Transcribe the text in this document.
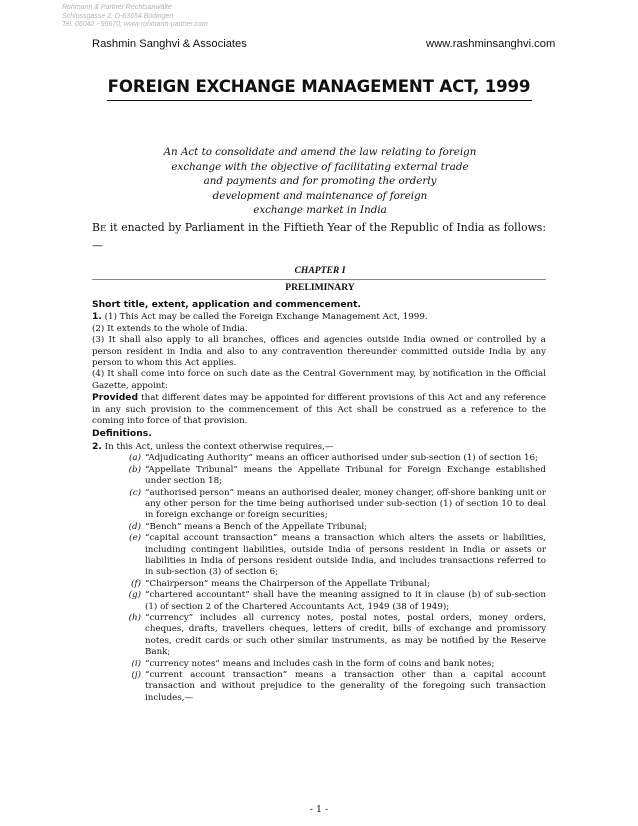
Rohmann & Partner Rechtsanwälte
Schlossgasse 2, D-63654 Büdingen
Tel. 06042 - 95670; www.rohmann-partner.com
Rashmin Sanghvi & Associates	www.rashminsanghvi.com
FOREIGN EXCHANGE MANAGEMENT ACT, 1999
An Act to consolidate and amend the law relating to foreign
exchange with the objective of facilitating external trade
and payments and for promoting the orderly
development and maintenance of foreign
exchange market in India
BE it enacted by Parliament in the Fiftieth Year of the Republic of India as follows:—
CHAPTER I
PRELIMINARY
Short title, extent, application and commencement.

1. (1) This Act may be called the Foreign Exchange Management Act, 1999.

(2) It extends to the whole of India.

(3) It shall also apply to all branches, offices and agencies outside India owned or controlled by a person resident in India and also to any contravention thereunder committed outside India by any person to whom this Act applies.

(4) It shall come into force on such date as the Central Government may, by notification in the Official Gazette, appoint:

Provided that different dates may be appointed for different provisions of this Act and any reference in any such provision to the commencement of this Act shall be construed as a reference to the coming into force of that provision.

Definitions.

2. In this Act, unless the context otherwise requires,—

(a) “Adjudicating Authority” means an officer authorised under sub-section (1) of section 16;
(b) “Appellate Tribunal” means the Appellate Tribunal for Foreign Exchange established under section 18;
(c) “authorised person” means an authorised dealer, money changer, off-shore banking unit or any other person for the time being authorised under sub-section (1) of section 10 to deal in foreign exchange or foreign securities;
(d) “Bench” means a Bench of the Appellate Tribunal;
(e) “capital account transaction” means a transaction which alters the assets or liabilities, including contingent liabilities, outside India of persons resident in India or assets or liabilities in India of persons resident outside India, and includes transactions referred to in sub-section (3) of section 6;
(f) “Chairperson” means the Chairperson of the Appellate Tribunal;
(g) “chartered accountant” shall have the meaning assigned to it in clause (b) of sub-section (1) of section 2 of the Chartered Accountants Act, 1949 (38 of 1949);
(h) “currency” includes all currency notes, postal notes, postal orders, money orders, cheques, drafts, travellers cheques, letters of credit, bills of exchange and promissory notes, credit cards or such other similar instruments, as may be notified by the Reserve Bank;
(i) “currency notes” means and includes cash in the form of coins and bank notes;
(j) “current account transaction” means a transaction other than a capital account transaction and without prejudice to the generality of the foregoing such transaction includes,—
- 1 -
